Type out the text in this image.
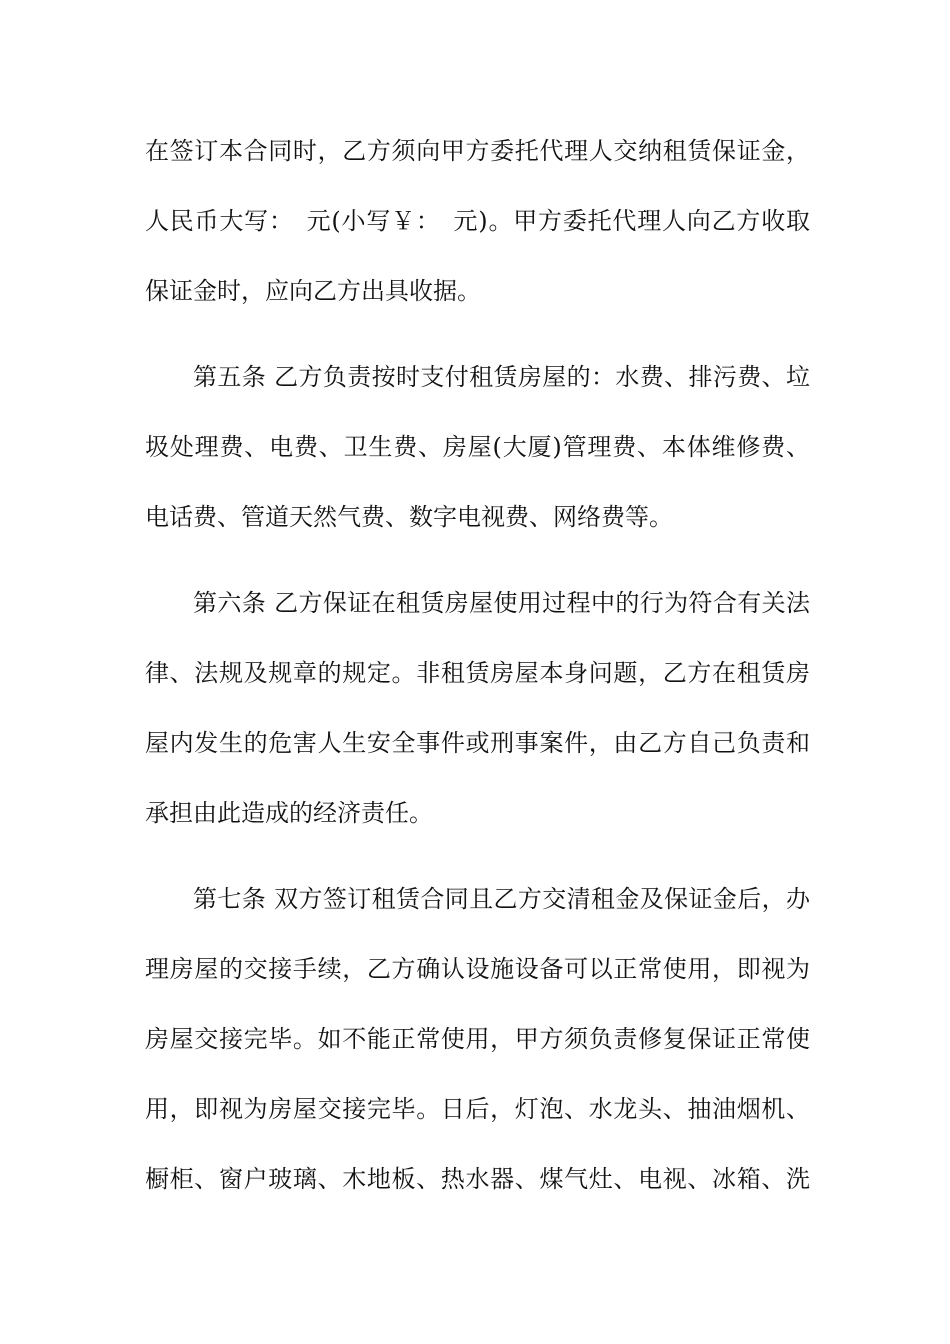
在签订本合同时，乙方须向甲方委托代理人交纳租赁保证金，
人民币大写：　元(小写￥：　元)。甲方委托代理人向乙方收取
保证金时，应向乙方出具收据。
第五条 乙方负责按时支付租赁房屋的：水费、排污费、垃
圾处理费、电费、卫生费、房屋(大厦)管理费、本体维修费、
电话费、管道天然气费、数字电视费、网络费等。
第六条 乙方保证在租赁房屋使用过程中的行为符合有关法
律、法规及规章的规定。非租赁房屋本身问题，乙方在租赁房
屋内发生的危害人生安全事件或刑事案件，由乙方自己负责和
承担由此造成的经济责任。
第七条 双方签订租赁合同且乙方交清租金及保证金后，办
理房屋的交接手续，乙方确认设施设备可以正常使用，即视为
房屋交接完毕。如不能正常使用，甲方须负责修复保证正常使
用，即视为房屋交接完毕。日后，灯泡、水龙头、抽油烟机、
橱柜、窗户玻璃、木地板、热水器、煤气灶、电视、冰箱、洗
